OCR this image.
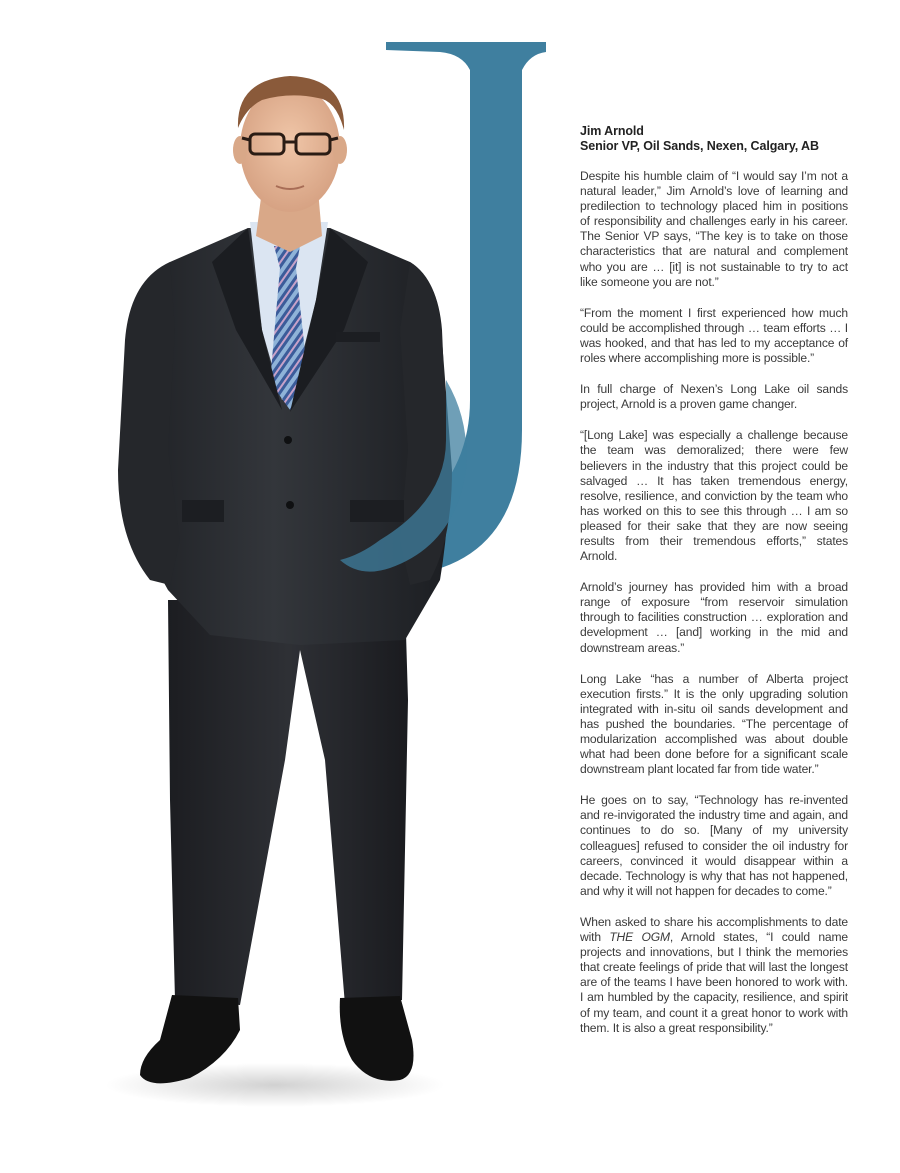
Jim Arnold
Senior VP, Oil Sands, Nexen, Calgary, AB

Despite his humble claim of “I would say I’m not a natural leader,” Jim Arnold’s love of learning and predilection to technology placed him in positions of responsibility and challenges early in his career. The Senior VP says, “The key is to take on those characteristics that are natural and complement who you are … [it] is not sustainable to try to act like someone you are not.”

“From the moment I first experienced how much could be accomplished through … team efforts … I was hooked, and that has led to my acceptance of roles where accomplishing more is possible.”

In full charge of Nexen’s Long Lake oil sands project, Arnold is a proven game changer.

“[Long Lake] was especially a challenge because the team was demoralized; there were few believers in the industry that this project could be salvaged … It has taken tremendous energy, resolve, resilience, and conviction by the team who has worked on this to see this through … I am so pleased for their sake that they are now seeing results from their tremendous efforts,” states Arnold.

Arnold’s journey has provided him with a broad range of exposure “from reservoir simulation through to facilities construction … exploration and development … [and] working in the mid and downstream areas.”

Long Lake “has a number of Alberta project execution firsts.” It is the only upgrading solution integrated with in-situ oil sands development and has pushed the boundaries. “The percentage of modularization accomplished was about double what had been done before for a significant scale downstream plant located far from tide water.”

He goes on to say, “Technology has re-invented and re-invigorated the industry time and again, and continues to do so. [Many of my university colleagues] refused to consider the oil industry for careers, convinced it would disappear within a decade. Technology is why that has not happened, and why it will not happen for decades to come.”

When asked to share his accomplishments to date with THE OGM, Arnold states, “I could name projects and innovations, but I think the memories that create feelings of pride that will last the longest are of the teams I have been honored to work with. I am humbled by the capacity, resilience, and spirit of my team, and count it a great honor to work with them. It is also a great responsibility.”
